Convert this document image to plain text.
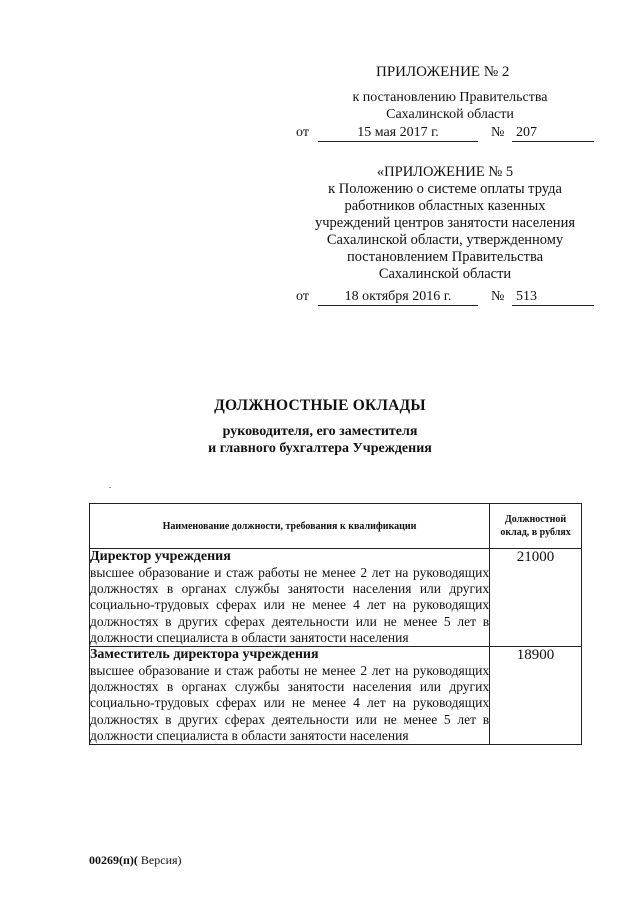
ПРИЛОЖЕНИЕ № 2
к постановлению Правительства
Сахалинской области
от	15 мая 2017 г.	№ 207
«ПРИЛОЖЕНИЕ № 5
к Положению о системе оплаты труда
работников областных казенных
учреждений центров занятости населения
Сахалинской области, утвержденному
постановлением Правительства
Сахалинской области
от	18 октября 2016 г.	№ 513
ДОЛЖНОСТНЫЕ ОКЛАДЫ
руководителя, его заместителя
и главного бухгалтера Учреждения
Наименование должности, требования к квалификации	Должностной
оклад, в рублях

Директор учреждения
высшее образование и стаж работы не менее 2 лет на руководящих должностях в органах службы занятости населения или других социально-трудовых сферах или не менее 4 лет на руководящих должностях в других сферах деятельности или не менее 5 лет в должности специалиста в области занятости населения	21000

Заместитель директора учреждения
высшее образование и стаж работы не менее 2 лет на руководящих должностях в органах службы занятости населения или других социально-трудовых сферах или не менее 4 лет на руководящих должностях в других сферах деятельности или не менее 5 лет в должности специалиста в области занятости населения	18900
00269(п)( Версия)
